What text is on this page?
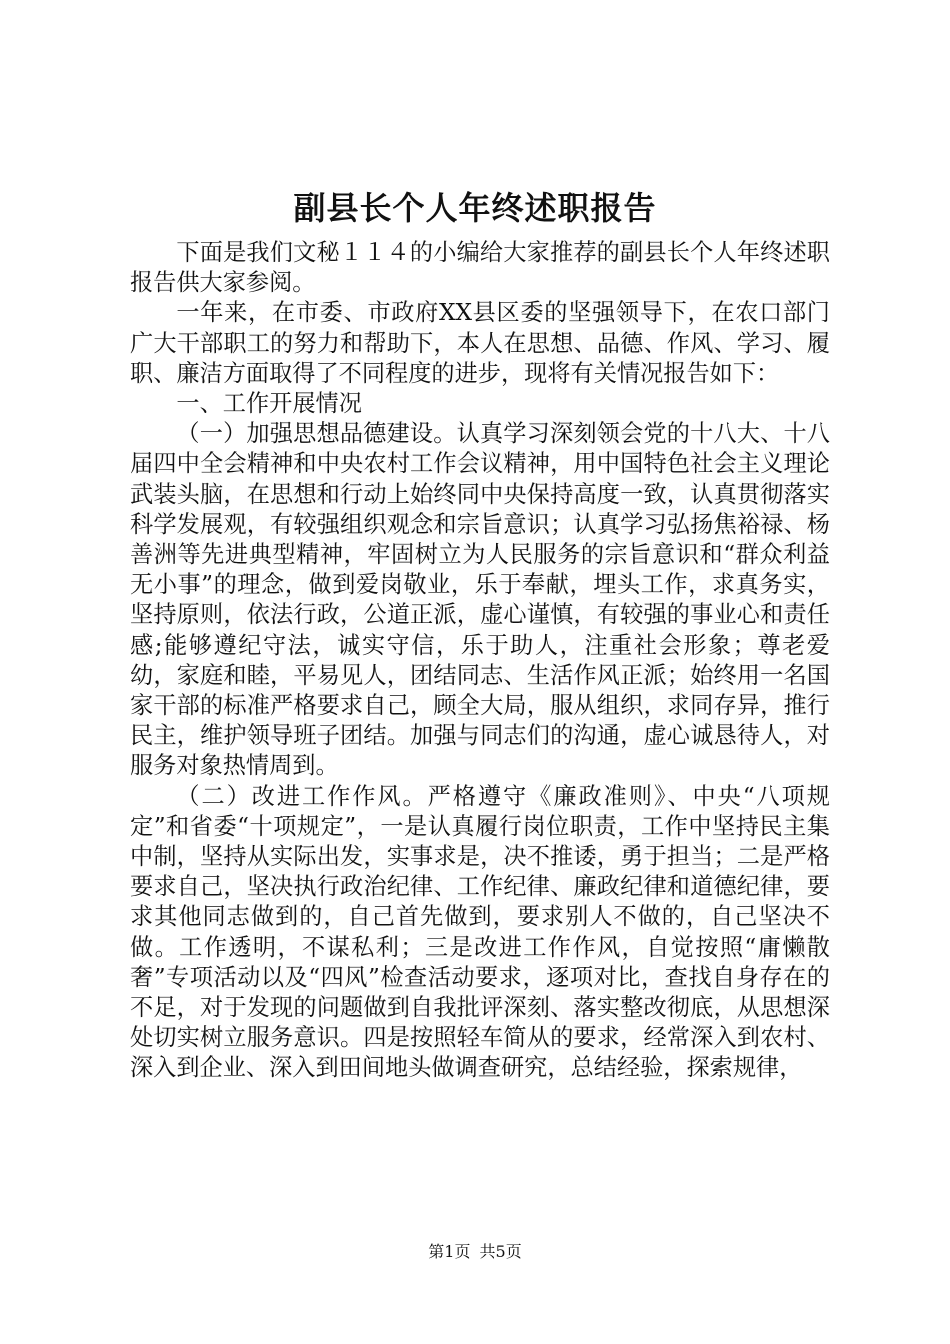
副县长个人年终述职报告

下面是我们文秘１１４的小编给大家推荐的副县长个人年终述职报告供大家参阅。

一年来，在市委、市政府XX县区委的坚强领导下，在农口部门广大干部职工的努力和帮助下，本人在思想、品德、作风、学习、履职、廉洁方面取得了不同程度的进步，现将有关情况报告如下：

一、工作开展情况

（一）加强思想品德建设。认真学习深刻领会党的十八大、十八届四中全会精神和中央农村工作会议精神，用中国特色社会主义理论武装头脑，在思想和行动上始终同中央保持高度一致，认真贯彻落实科学发展观，有较强组织观念和宗旨意识；认真学习弘扬焦裕禄、杨善洲等先进典型精神，牢固树立为人民服务的宗旨意识和“群众利益无小事”的理念，做到爱岗敬业，乐于奉献，埋头工作，求真务实，坚持原则，依法行政，公道正派，虚心谨慎，有较强的事业心和责任感;能够遵纪守法，诚实守信，乐于助人，注重社会形象；尊老爱幼，家庭和睦，平易见人，团结同志、生活作风正派；始终用一名国家干部的标准严格要求自己，顾全大局，服从组织，求同存异，推行民主，维护领导班子团结。加强与同志们的沟通，虚心诚恳待人，对服务对象热情周到。

（二）改进工作作风。严格遵守《廉政准则》、中央“八项规定”和省委“十项规定”，一是认真履行岗位职责，工作中坚持民主集中制，坚持从实际出发，实事求是，决不推诿，勇于担当；二是严格要求自己，坚决执行政治纪律、工作纪律、廉政纪律和道德纪律，要求其他同志做到的，自己首先做到，要求别人不做的，自己坚决不做。工作透明，不谋私利；三是改进工作作风，自觉按照“庸懒散奢”专项活动以及“四风”检查活动要求，逐项对比，查找自身存在的不足，对于发现的问题做到自我批评深刻、落实整改彻底，从思想深处切实树立服务意识。四是按照轻车简从的要求，经常深入到农村、深入到企业、深入到田间地头做调查研究，总结经验，探索规律，

第1页 共5页
